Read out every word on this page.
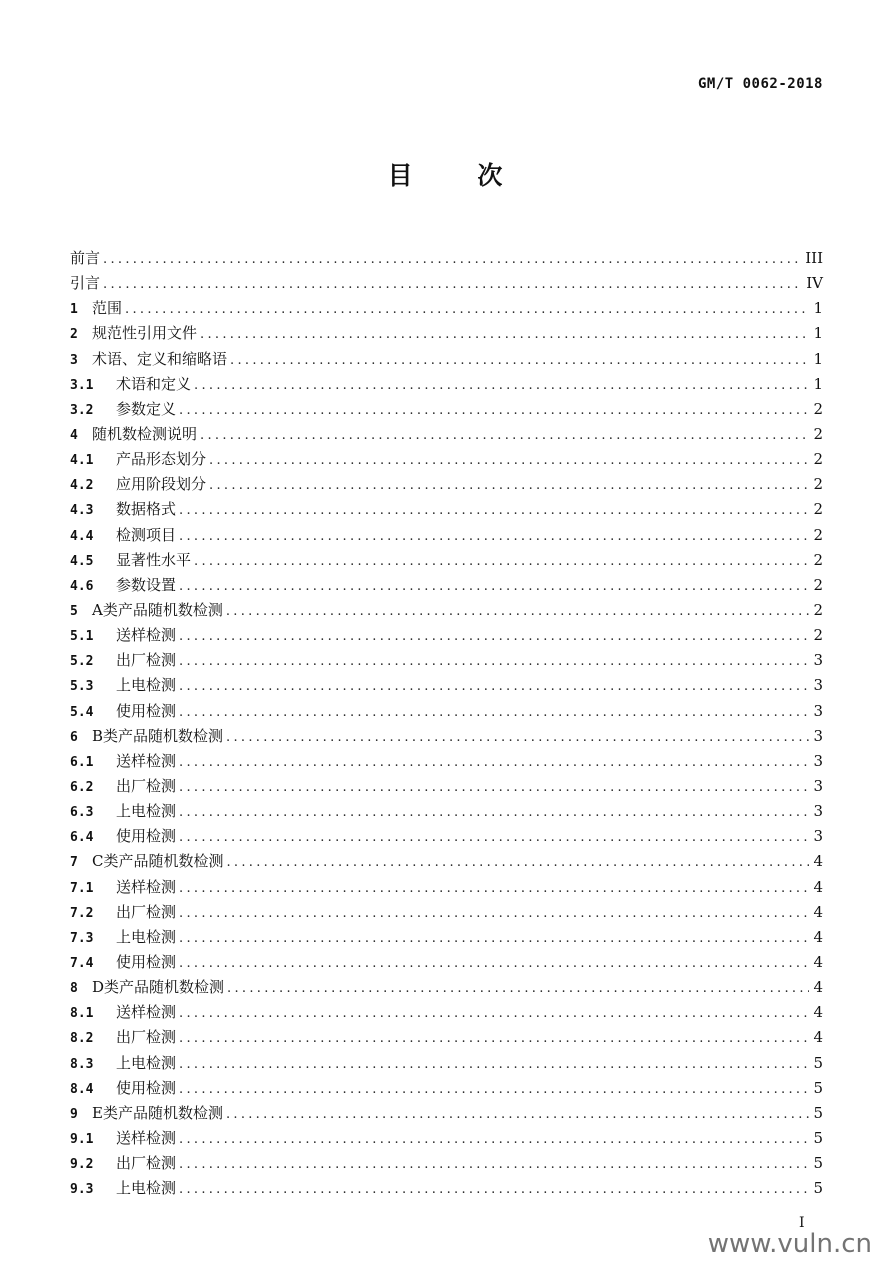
GM/T 0062-2018
目 次
前言 .....	III
引言 .....	IV
1 范围 .....	1
2 规范性引用文件 .....	1
3 术语、定义和缩略语 .....	1
3.1	术语和定义 .....	1
3.2	参数定义 .....	2
4 随机数检测说明 .....	2
4.1	产品形态划分 .....	2
4.2	应用阶段划分 .....	2
4.3	数据格式 .....	2
4.4	检测项目 .....	2
4.5	显著性水平 .....	2
4.6	参数设置 .....	2
5 A类产品随机数检测 .....	2
5.1	送样检测 .....	2
5.2	出厂检测 .....	3
5.3	上电检测 .....	3
5.4	使用检测 .....	3
6 B类产品随机数检测 .....	3
6.1	送样检测 .....	3
6.2	出厂检测 .....	3
6.3	上电检测 .....	3
6.4	使用检测 .....	3
7 C类产品随机数检测 .....	4
7.1	送样检测 .....	4
7.2	出厂检测 .....	4
7.3	上电检测 .....	4
7.4	使用检测 .....	4
8 D类产品随机数检测 .....	4
8.1	送样检测 .....	4
8.2	出厂检测 .....	4
8.3	上电检测 .....	5
8.4	使用检测 .....	5
9 E类产品随机数检测 .....	5
9.1	送样检测 .....	5
9.2	出厂检测 .....	5
9.3	上电检测 .....	5
I
www.vuln.cn
